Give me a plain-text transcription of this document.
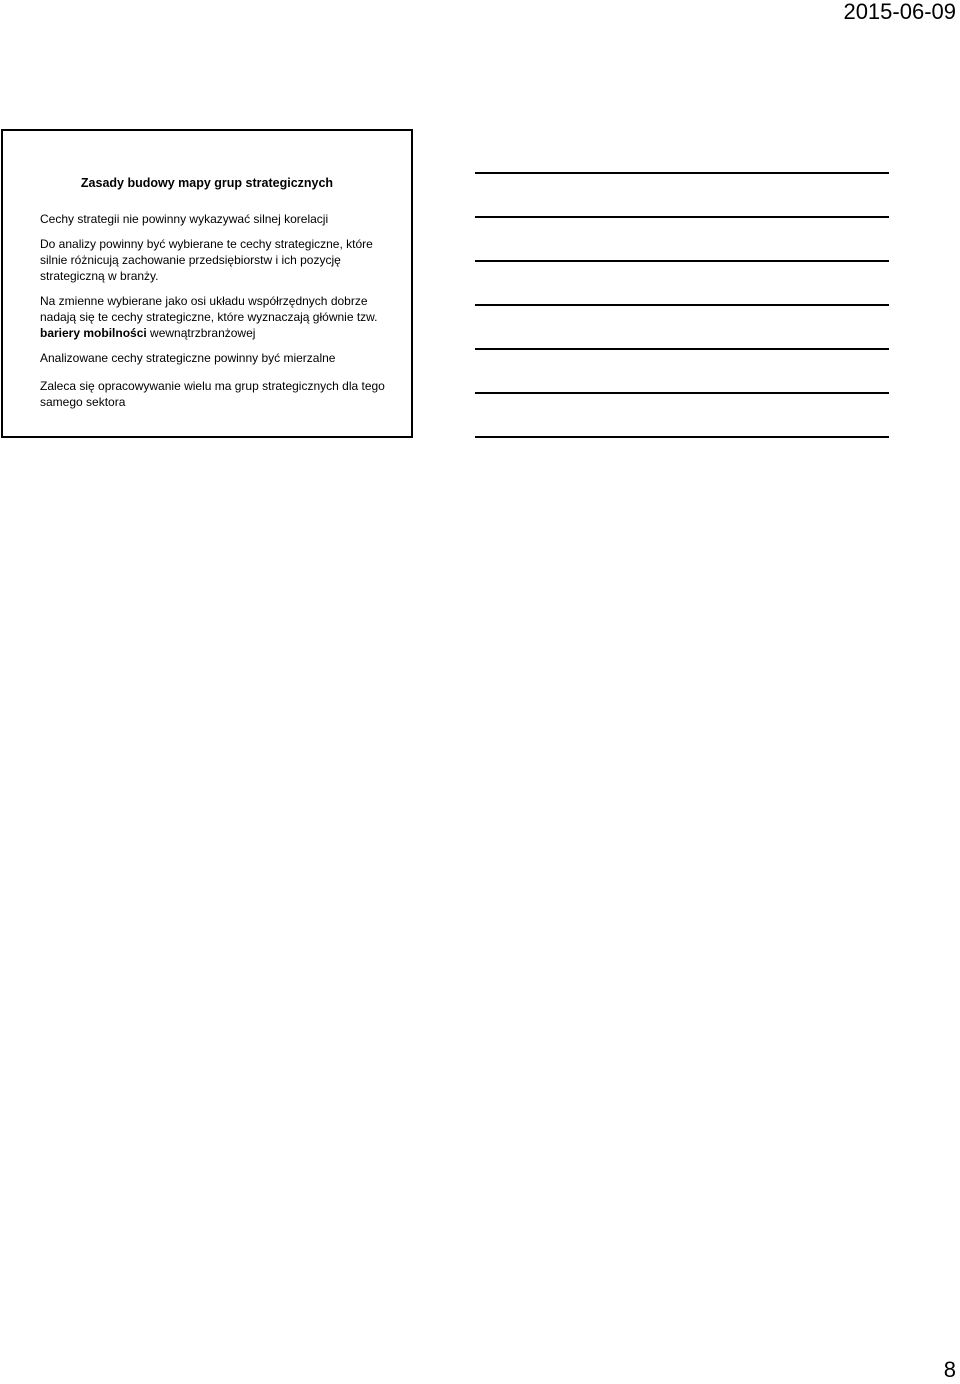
2015-06-09
Zasady budowy mapy grup strategicznych

Cechy strategii nie powinny wykazywać silnej korelacji

Do analizy powinny być wybierane te cechy strategiczne, które silnie różnicują zachowanie przedsiębiorstw i ich pozycję strategiczną w branży.

Na zmienne wybierane jako osi układu współrzędnych dobrze nadają się te cechy strategiczne, które wyznaczają głównie tzw. bariery mobilności wewnątrzbranżowej

Analizowane cechy strategiczne powinny być mierzalne

Zaleca się opracowywanie wielu ma grup strategicznych dla tego samego sektora

8
